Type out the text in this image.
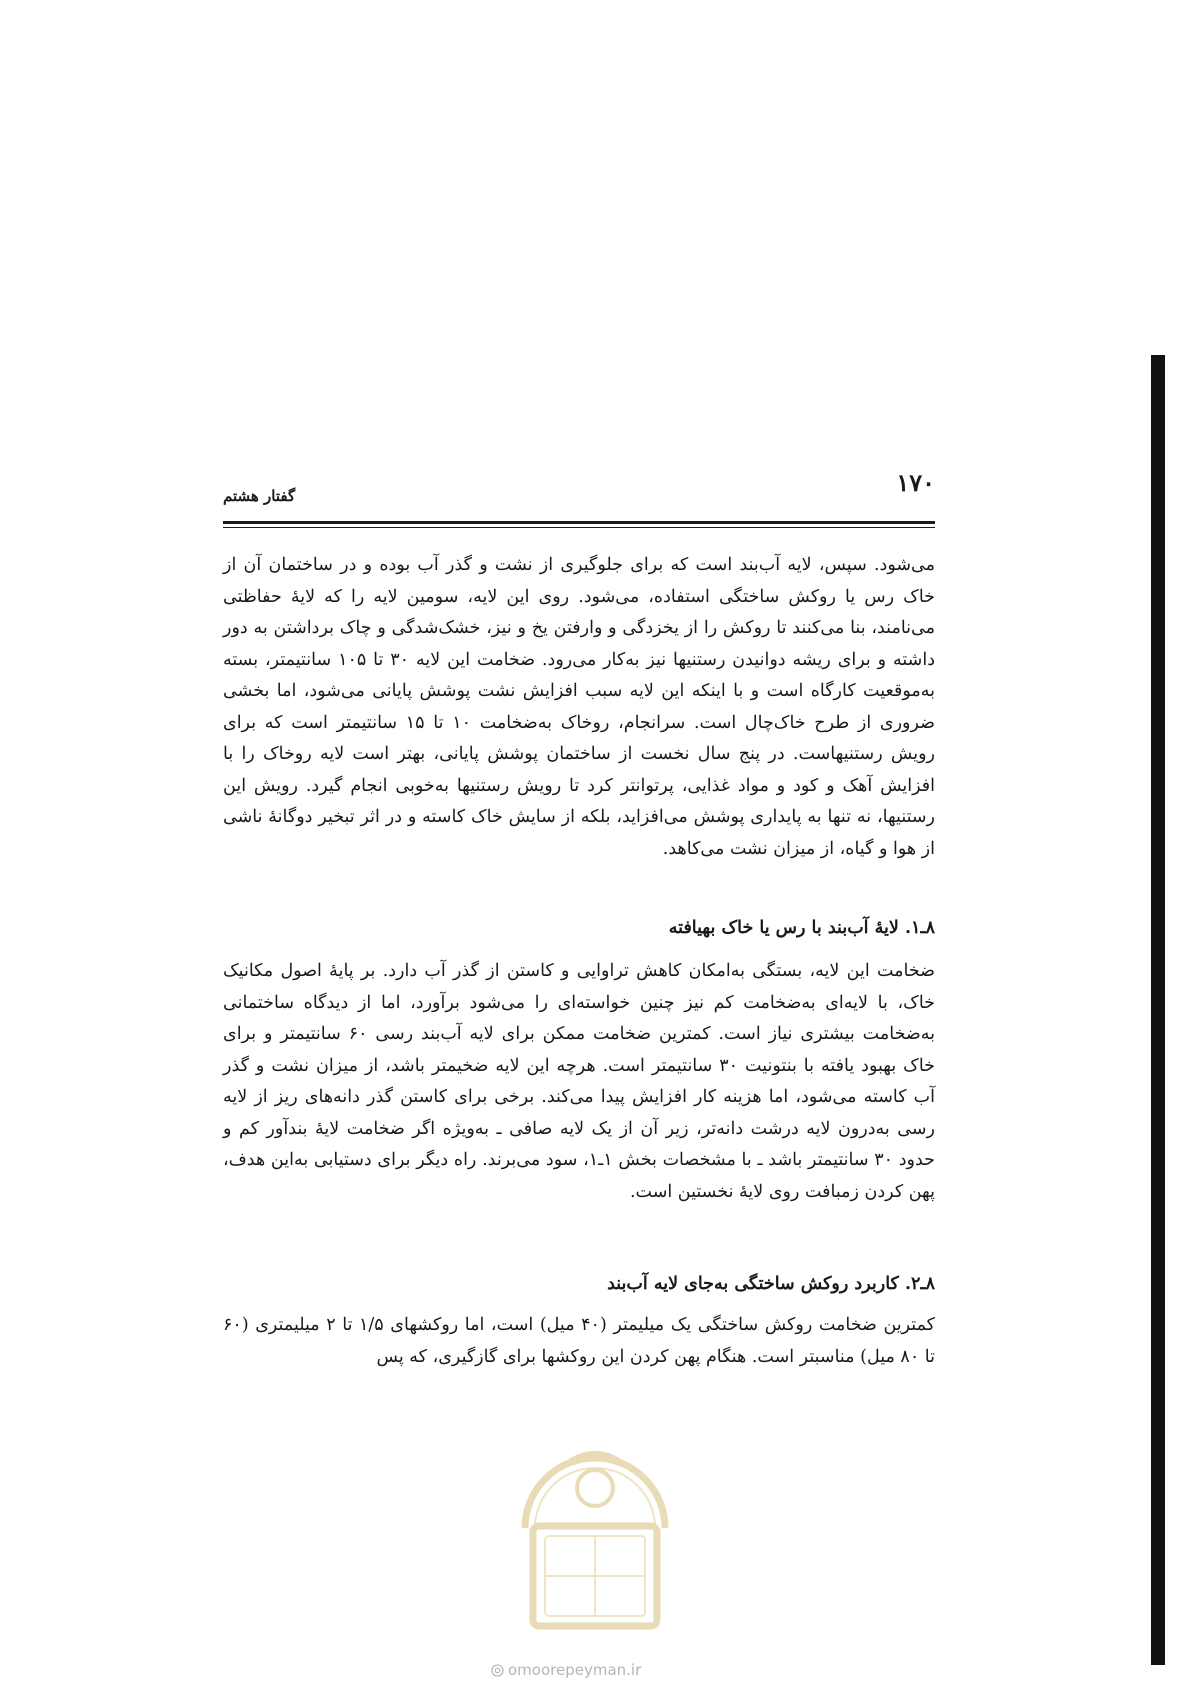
۱۷۰
گفتار هشتم

می‌شود. سپس، لایه آب‌بند است که برای جلوگیری از نشت و گذر آب بوده و در ساختمان آن از خاک رس یا روکش ساختگی استفاده، می‌شود. روی این لایه، سومین لایه را که لایهٔ حفاظتی می‌نامند، بنا می‌کنند تا روکش را از یخزدگی و وارفتن یخ و نیز، خشک‌شدگی و چاک برداشتن به دور داشته و برای ریشه دوانیدن رستنیها نیز به‌کار می‌رود. ضخامت این لایه ۳۰ تا ۱۰۵ سانتیمتر، بسته به‌موقعیت کارگاه است و با اینکه این لایه سبب افزایش نشت پوشش پایانی می‌شود، اما بخشی ضروری از طرح خاک‌چال است. سرانجام، روخاک به‌ضخامت ۱۰ تا ۱۵ سانتیمتر است که برای رویش رستنیهاست. در پنج سال نخست از ساختمان پوشش پایانی، بهتر است لایه روخاک را با افزایش آهک و کود و مواد غذایی، پرتوانتر کرد تا رویش رستنیها به‌خوبی انجام گیرد. رویش این رستنیها، نه تنها به پایداری پوشش می‌افزاید، بلکه از سایش خاک کاسته و در اثر تبخیر دوگانهٔ ناشی از هوا و گیاه، از میزان نشت می‌کاهد.

۸ـ۱. لایهٔ آب‌بند با رس یا خاک بهیافته

ضخامت این لایه، بستگی به‌امکان کاهش تراوایی و کاستن از گذر آب دارد. بر پایهٔ اصول مکانیک خاک، با لایه‌ای به‌ضخامت کم نیز چنین خواسته‌ای را می‌شود برآورد، اما از دیدگاه ساختمانی به‌ضخامت بیشتری نیاز است. کمترین ضخامت ممکن برای لایه آب‌بند رسی ۶۰ سانتیمتر و برای خاک بهبود یافته با بنتونیت ۳۰ سانتیمتر است. هرچه این لایه ضخیمتر باشد، از میزان نشت و گذر آب کاسته می‌شود، اما هزینه کار افزایش پیدا می‌کند. برخی برای کاستن گذر دانه‌های ریز از لایه رسی به‌درون لایه درشت دانه‌تر، زیر آن از یک لایه صافی ـ به‌ویژه اگر ضخامت لایهٔ بندآور کم و حدود ۳۰ سانتیمتر باشد ـ با مشخصات بخش ۱ـ۱، سود می‌برند. راه دیگر برای دستیابی به‌این هدف، پهن کردن زمبافت روی لایهٔ نخستین است.

۸ـ۲. کاربرد روکش ساختگی به‌جای لایه آب‌بند

کمترین ضخامت روکش ساختگی یک میلیمتر (۴۰ میل) است، اما روکشهای ۱/۵ تا ۲ میلیمتری (۶۰ تا ۸۰ میل) مناسبتر است. هنگام پهن کردن این روکشها برای گازگیری، که پس

omoorepeyman.ir
